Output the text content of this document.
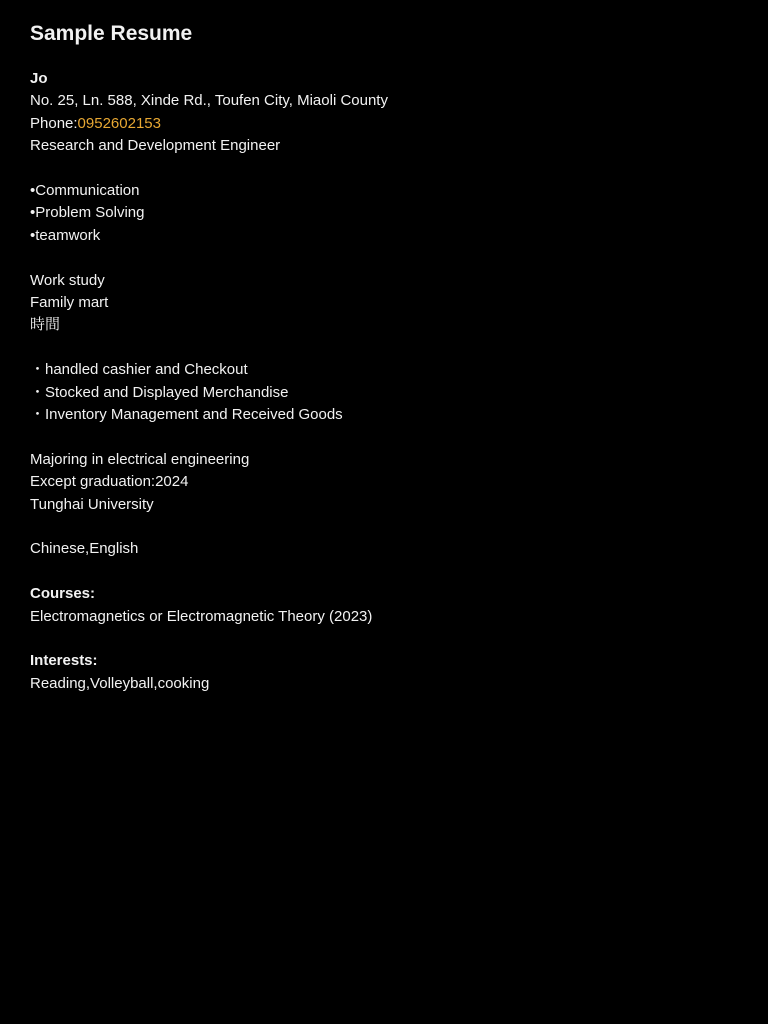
Sample Resume
Jo
No. 25, Ln. 588, Xinde Rd., Toufen City, Miaoli County
Phone:0952602153
Research and Development Engineer
•Communication
•Problem Solving
•teamwork
Work study
Family mart
時間
・handled cashier and Checkout
・Stocked and Displayed Merchandise
・Inventory Management and Received Goods
Majoring in electrical engineering
Except graduation:2024
Tunghai University
Chinese,English
Courses:
Electromagnetics or Electromagnetic Theory (2023)
Interests:
Reading,Volleyball,cooking
